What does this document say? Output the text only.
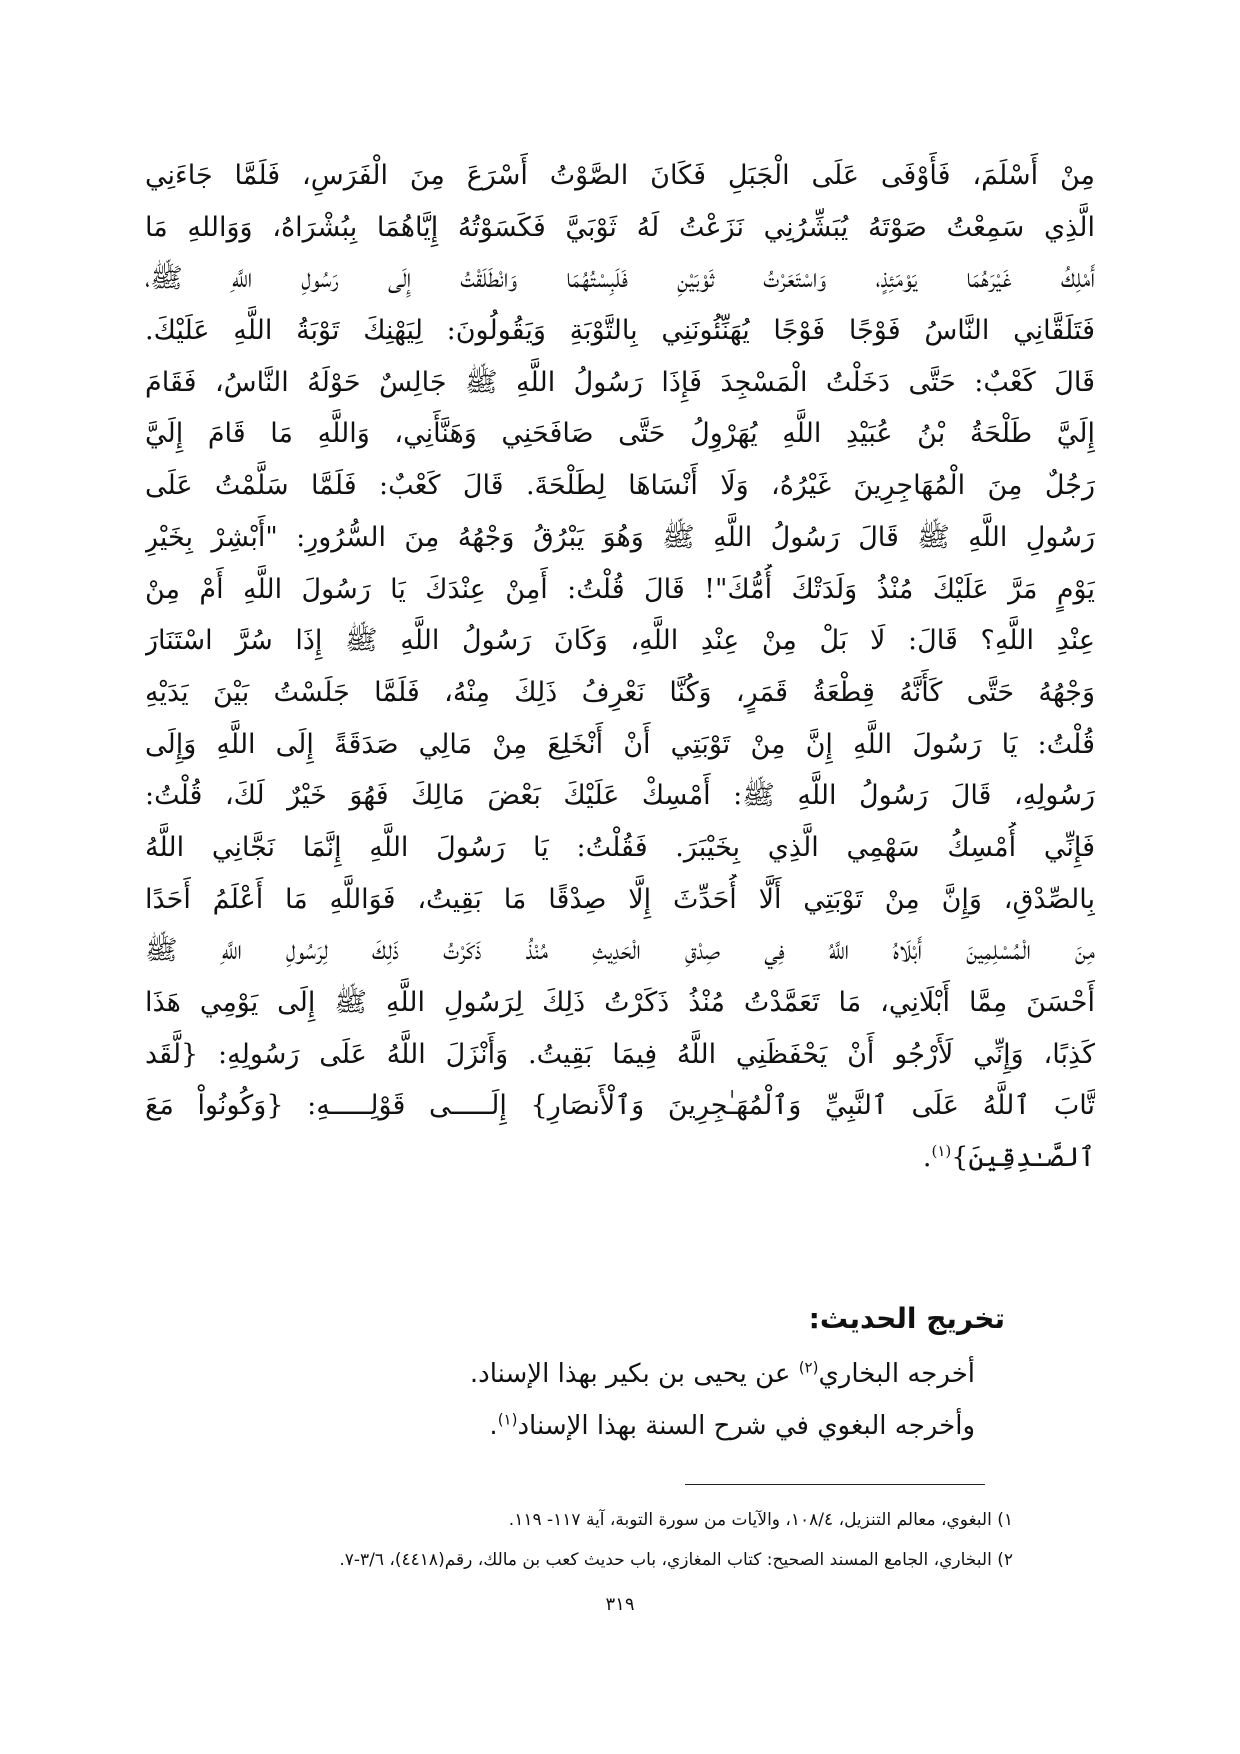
مِنْ أَسْلَمَ، فَأَوْفَى عَلَى الْجَبَلِ فَكَانَ الصَّوْتُ أَسْرَعَ مِنَ الْفَرَسِ، فَلَمَّا جَاءَنِي
الَّذِي سَمِعْتُ صَوْتَهُ يُبَشِّرُنِي نَزَعْتُ لَهُ ثَوْبَيَّ فَكَسَوْتُهُ إِيَّاهُمَا بِبُشْرَاهُ، وَوَاللهِ مَا
أَمْلِكُ غَيْرَهُمَا يَوْمَئِذٍ، وَاسْتَعَرْتُ ثَوْبَيْنِ فَلَبِسْتُهُمَا وَانْطَلَقْتُ إِلَى رَسُولِ اللَّهِ ﷺ،
فَتَلَقَّانِي النَّاسُ فَوْجًا فَوْجًا يُهَنِّئُونَنِي بِالتَّوْبَةِ وَيَقُولُونَ: لِيَهْنِكَ تَوْبَةُ اللَّهِ عَلَيْكَ.
قَالَ كَعْبٌ: حَتَّى دَخَلْتُ الْمَسْجِدَ فَإِذَا رَسُولُ اللَّهِ ﷺ جَالِسٌ حَوْلَهُ النَّاسُ، فَقَامَ
إِلَيَّ طَلْحَةُ بْنُ عُبَيْدِ اللَّهِ يُهَرْوِلُ حَتَّى صَافَحَنِي وَهَنَّأَنِي، وَاللَّهِ مَا قَامَ إِلَيَّ
رَجُلٌ مِنَ الْمُهَاجِرِينَ غَيْرُهُ، وَلَا أَنْسَاهَا لِطَلْحَةَ. قَالَ كَعْبٌ: فَلَمَّا سَلَّمْتُ عَلَى
رَسُولِ اللَّهِ ﷺ قَالَ رَسُولُ اللَّهِ ﷺ وَهُوَ يَبْرُقُ وَجْهُهُ مِنَ السُّرُورِ: "أَبْشِرْ بِخَيْرِ
يَوْمٍ مَرَّ عَلَيْكَ مُنْذُ وَلَدَتْكَ أُمُّكَ"! قَالَ قُلْتُ: أَمِنْ عِنْدَكَ يَا رَسُولَ اللَّهِ أَمْ مِنْ
عِنْدِ اللَّهِ؟ قَالَ: لَا بَلْ مِنْ عِنْدِ اللَّهِ، وَكَانَ رَسُولُ اللَّهِ ﷺ إِذَا سُرَّ اسْتَنَارَ
وَجْهُهُ حَتَّى كَأَنَّهُ قِطْعَةُ قَمَرٍ، وَكُنَّا نَعْرِفُ ذَلِكَ مِنْهُ، فَلَمَّا جَلَسْتُ بَيْنَ يَدَيْهِ
قُلْتُ: يَا رَسُولَ اللَّهِ إِنَّ مِنْ تَوْبَتِي أَنْ أَنْخَلِعَ مِنْ مَالِي صَدَقَةً إِلَى اللَّهِ وَإِلَى
رَسُولِهِ، قَالَ رَسُولُ اللَّهِ ﷺ: أَمْسِكْ عَلَيْكَ بَعْضَ مَالِكَ فَهُوَ خَيْرٌ لَكَ، قُلْتُ:
فَإِنِّي أُمْسِكُ سَهْمِي الَّذِي بِخَيْبَرَ. فَقُلْتُ: يَا رَسُولَ اللَّهِ إِنَّمَا نَجَّانِي اللَّهُ
بِالصِّدْقِ، وَإِنَّ مِنْ تَوْبَتِي أَلَّا أُحَدِّثَ إِلَّا صِدْقًا مَا بَقِيتُ، فَوَاللَّهِ مَا أَعْلَمُ أَحَدًا
مِنَ الْمُسْلِمِينَ أَبْلَاهُ اللَّهُ فِي صِدْقِ الْحَدِيثِ مُنْذُ ذَكَرْتُ ذَلِكَ لِرَسُولِ اللَّهِ ﷺ
أَحْسَنَ مِمَّا أَبْلَانِي، مَا تَعَمَّدْتُ مُنْذُ ذَكَرْتُ ذَلِكَ لِرَسُولِ اللَّهِ ﷺ إِلَى يَوْمِي هَذَا
كَذِبًا، وَإِنِّي لَأَرْجُو أَنْ يَحْفَظَنِي اللَّهُ فِيمَا بَقِيتُ. وَأَنْزَلَ اللَّهُ عَلَى رَسُولِهِ: {لَّقَد
تَّابَ ٱللَّهُ عَلَى ٱلنَّبِيِّ وَٱلْمُهَـٰجِرِينَ وَٱلْأَنصَارِ} إِلَـــــى قَوْلِـــــهِ: {وَكُونُواْ مَعَ
ٱلصَّـٰدِقِينَ}$^{(١)}$.
تخريج الحديث:
أخرجه البخاري$^{(٢)}$ عن يحيى بن بكير بهذا الإسناد.
وأخرجه البغوي في شرح السنة بهذا الإسناد$^{(١)}$.
١) البغوي، معالم التنزيل، ١٠٨/٤، والآيات من سورة التوبة، آية ١١٧- ١١٩.
٢) البخاري، الجامع المسند الصحيح: كتاب المغازي، باب حديث كعب بن مالك، رقم(٤٤١٨)، ٣/٦-٧.
٣١٩
